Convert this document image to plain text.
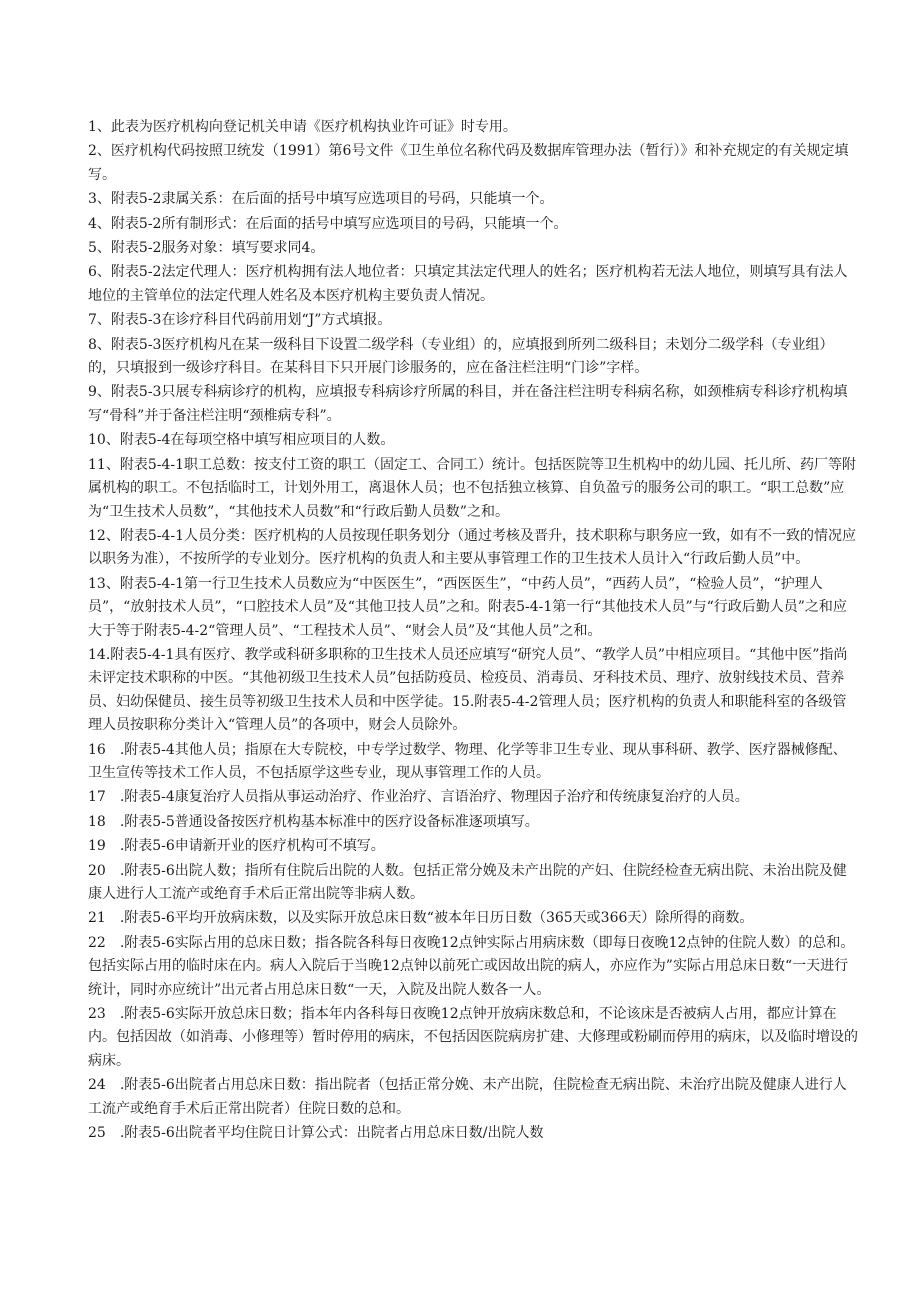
1、此表为医疗机构向登记机关申请《医疗机构执业许可证》时专用。

2、医疗机构代码按照卫统发（1991）第6号文件《卫生单位名称代码及数据库管理办法（暂行）》和补充规定的有关规定填写。

3、附表5-2隶属关系：在后面的括号中填写应选项目的号码，只能填一个。

4、附表5-2所有制形式：在后面的括号中填写应选项目的号码，只能填一个。

5、附表5-2服务对象：填写要求同4。

6、附表5-2法定代理人：医疗机构拥有法人地位者：只填定其法定代理人的姓名；医疗机构若无法人地位，则填写具有法人地位的主管单位的法定代理人姓名及本医疗机构主要负责人情况。

7、附表5-3在诊疗科目代码前用划“J”方式填报。

8、附表5-3医疗机构凡在某一级科目下设置二级学科（专业组）的，应填报到所列二级科目；未划分二级学科（专业组）的，只填报到一级诊疗科目。在某科目下只开展门诊服务的，应在备注栏注明“门诊”字样。

9、附表5-3只展专科病诊疗的机构，应填报专科病诊疗所属的科目，并在备注栏注明专科病名称，如颈椎病专科诊疗机构填写“骨科”并于备注栏注明“颈椎病专科”。

10、附表5-4在每项空格中填写相应项目的人数。

11、附表5-4-1职工总数：按支付工资的职工（固定工、合同工）统计。包括医院等卫生机构中的幼儿园、托儿所、药厂等附属机构的职工。不包括临时工，计划外用工，离退休人员；也不包括独立核算、自负盈亏的服务公司的职工。“职工总数”应为“卫生技术人员数”，“其他技术人员数”和“行政后勤人员数”之和。

12、附表5-4-1人员分类：医疗机构的人员按现任职务划分（通过考核及晋升，技术职称与职务应一致，如有不一致的情况应以职务为准），不按所学的专业划分。医疗机构的负责人和主要从事管理工作的卫生技术人员计入“行政后勤人员”中。

13、附表5-4-1第一行卫生技术人员数应为“中医医生”，“西医医生”，“中药人员”，“西药人员”，“检验人员”，“护理人员”，“放射技术人员”，“口腔技术人员”及“其他卫技人员”之和。附表5-4-1第一行“其他技术人员”与“行政后勤人员”之和应大于等于附表5-4-2“管理人员”、“工程技术人员”、“财会人员”及“其他人员”之和。

14.附表5-4-1具有医疗、教学或科研多职称的卫生技术人员还应填写“研究人员”、“教学人员”中相应项目。“其他中医”指尚未评定技术职称的中医。“其他初级卫生技术人员”包括防疫员、检疫员、消毒员、牙科技术员、理疗、放射线技术员、营养员、妇幼保健员、接生员等初级卫生技术人员和中医学徒。15.附表5-4-2管理人员；医疗机构的负责人和职能科室的各级管理人员按职称分类计入“管理人员”的各项中，财会人员除外。

16　.附表5-4其他人员；指原在大专院校，中专学过数学、物理、化学等非卫生专业、现从事科研、教学、医疗器械修配、卫生宣传等技术工作人员，不包括原学这些专业，现从事管理工作的人员。

17　.附表5-4康复治疗人员指从事运动治疗、作业治疗、言语治疗、物理因子治疗和传统康复治疗的人员。

18　.附表5-5普通设备按医疗机构基本标准中的医疗设备标准逐项填写。

19　.附表5-6申请新开业的医疗机构可不填写。

20　.附表5-6出院人数；指所有住院后出院的人数。包括正常分娩及未产出院的产妇、住院经检查无病出院、未治出院及健康人进行人工流产或绝育手术后正常出院等非病人数。

21　.附表5-6平均开放病床数，以及实际开放总床日数“被本年日历日数（365天或366天）除所得的商数。

22　.附表5-6实际占用的总床日数；指各院各科每日夜晚12点钟实际占用病床数（即每日夜晚12点钟的住院人数）的总和。包括实际占用的临时床在内。病人入院后于当晚12点钟以前死亡或因故出院的病人，亦应作为”实际占用总床日数“一天进行统计，同时亦应统计”出元者占用总床日数“一天，入院及出院人数各一人。

23　.附表5-6实际开放总床日数；指本年内各科每日夜晚12点钟开放病床数总和，不论该床是否被病人占用，都应计算在内。包括因故（如消毒、小修理等）暂时停用的病床，不包括因医院病房扩建、大修理或粉刷而停用的病床，以及临时增设的病床。

24　.附表5-6出院者占用总床日数：指出院者（包括正常分娩、未产出院，住院检查无病出院、未治疗出院及健康人进行人工流产或绝育手术后正常出院者）住院日数的总和。

25　.附表5-6出院者平均住院日计算公式：出院者占用总床日数/出院人数
